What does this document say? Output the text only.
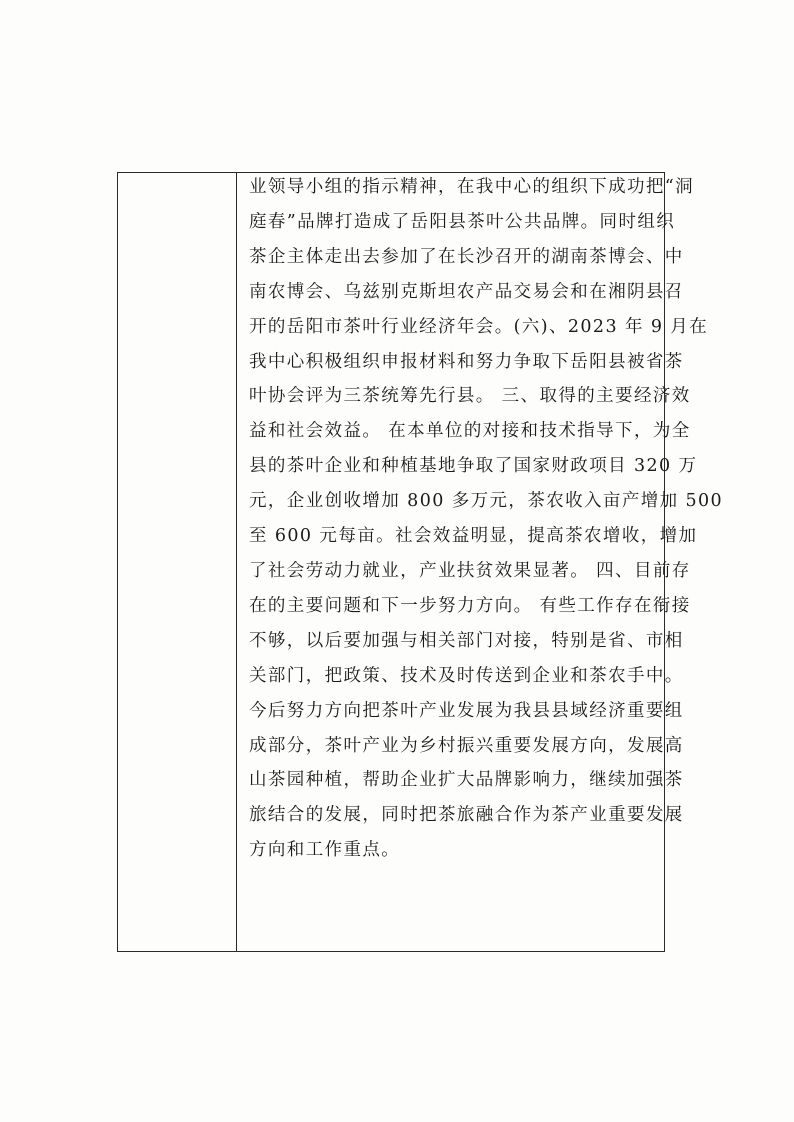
业领导小组的指示精神，在我中心的组织下成功把“洞

庭春”品牌打造成了岳阳县茶叶公共品牌。同时组织

茶企主体走出去参加了在长沙召开的湖南茶博会、中

南农博会、乌兹别克斯坦农产品交易会和在湘阴县召

开的岳阳市茶叶行业经济年会。(六)、2023 年 9 月在

我中心积极组织申报材料和努力争取下岳阳县被省茶

叶协会评为三茶统筹先行县。 三、取得的主要经济效

益和社会效益。 在本单位的对接和技术指导下，为全

县的茶叶企业和种植基地争取了国家财政项目 320 万

元，企业创收增加 800 多万元，茶农收入亩产增加 500

至 600 元每亩。社会效益明显，提高茶农增收，增加

了社会劳动力就业，产业扶贫效果显著。 四、目前存

在的主要问题和下一步努力方向。 有些工作存在衔接

不够，以后要加强与相关部门对接，特别是省、市相

关部门，把政策、技术及时传送到企业和茶农手中。

今后努力方向把茶叶产业发展为我县县域经济重要组

成部分，茶叶产业为乡村振兴重要发展方向，发展高

山茶园种植，帮助企业扩大品牌影响力，继续加强茶

旅结合的发展，同时把茶旅融合作为茶产业重要发展

方向和工作重点。
